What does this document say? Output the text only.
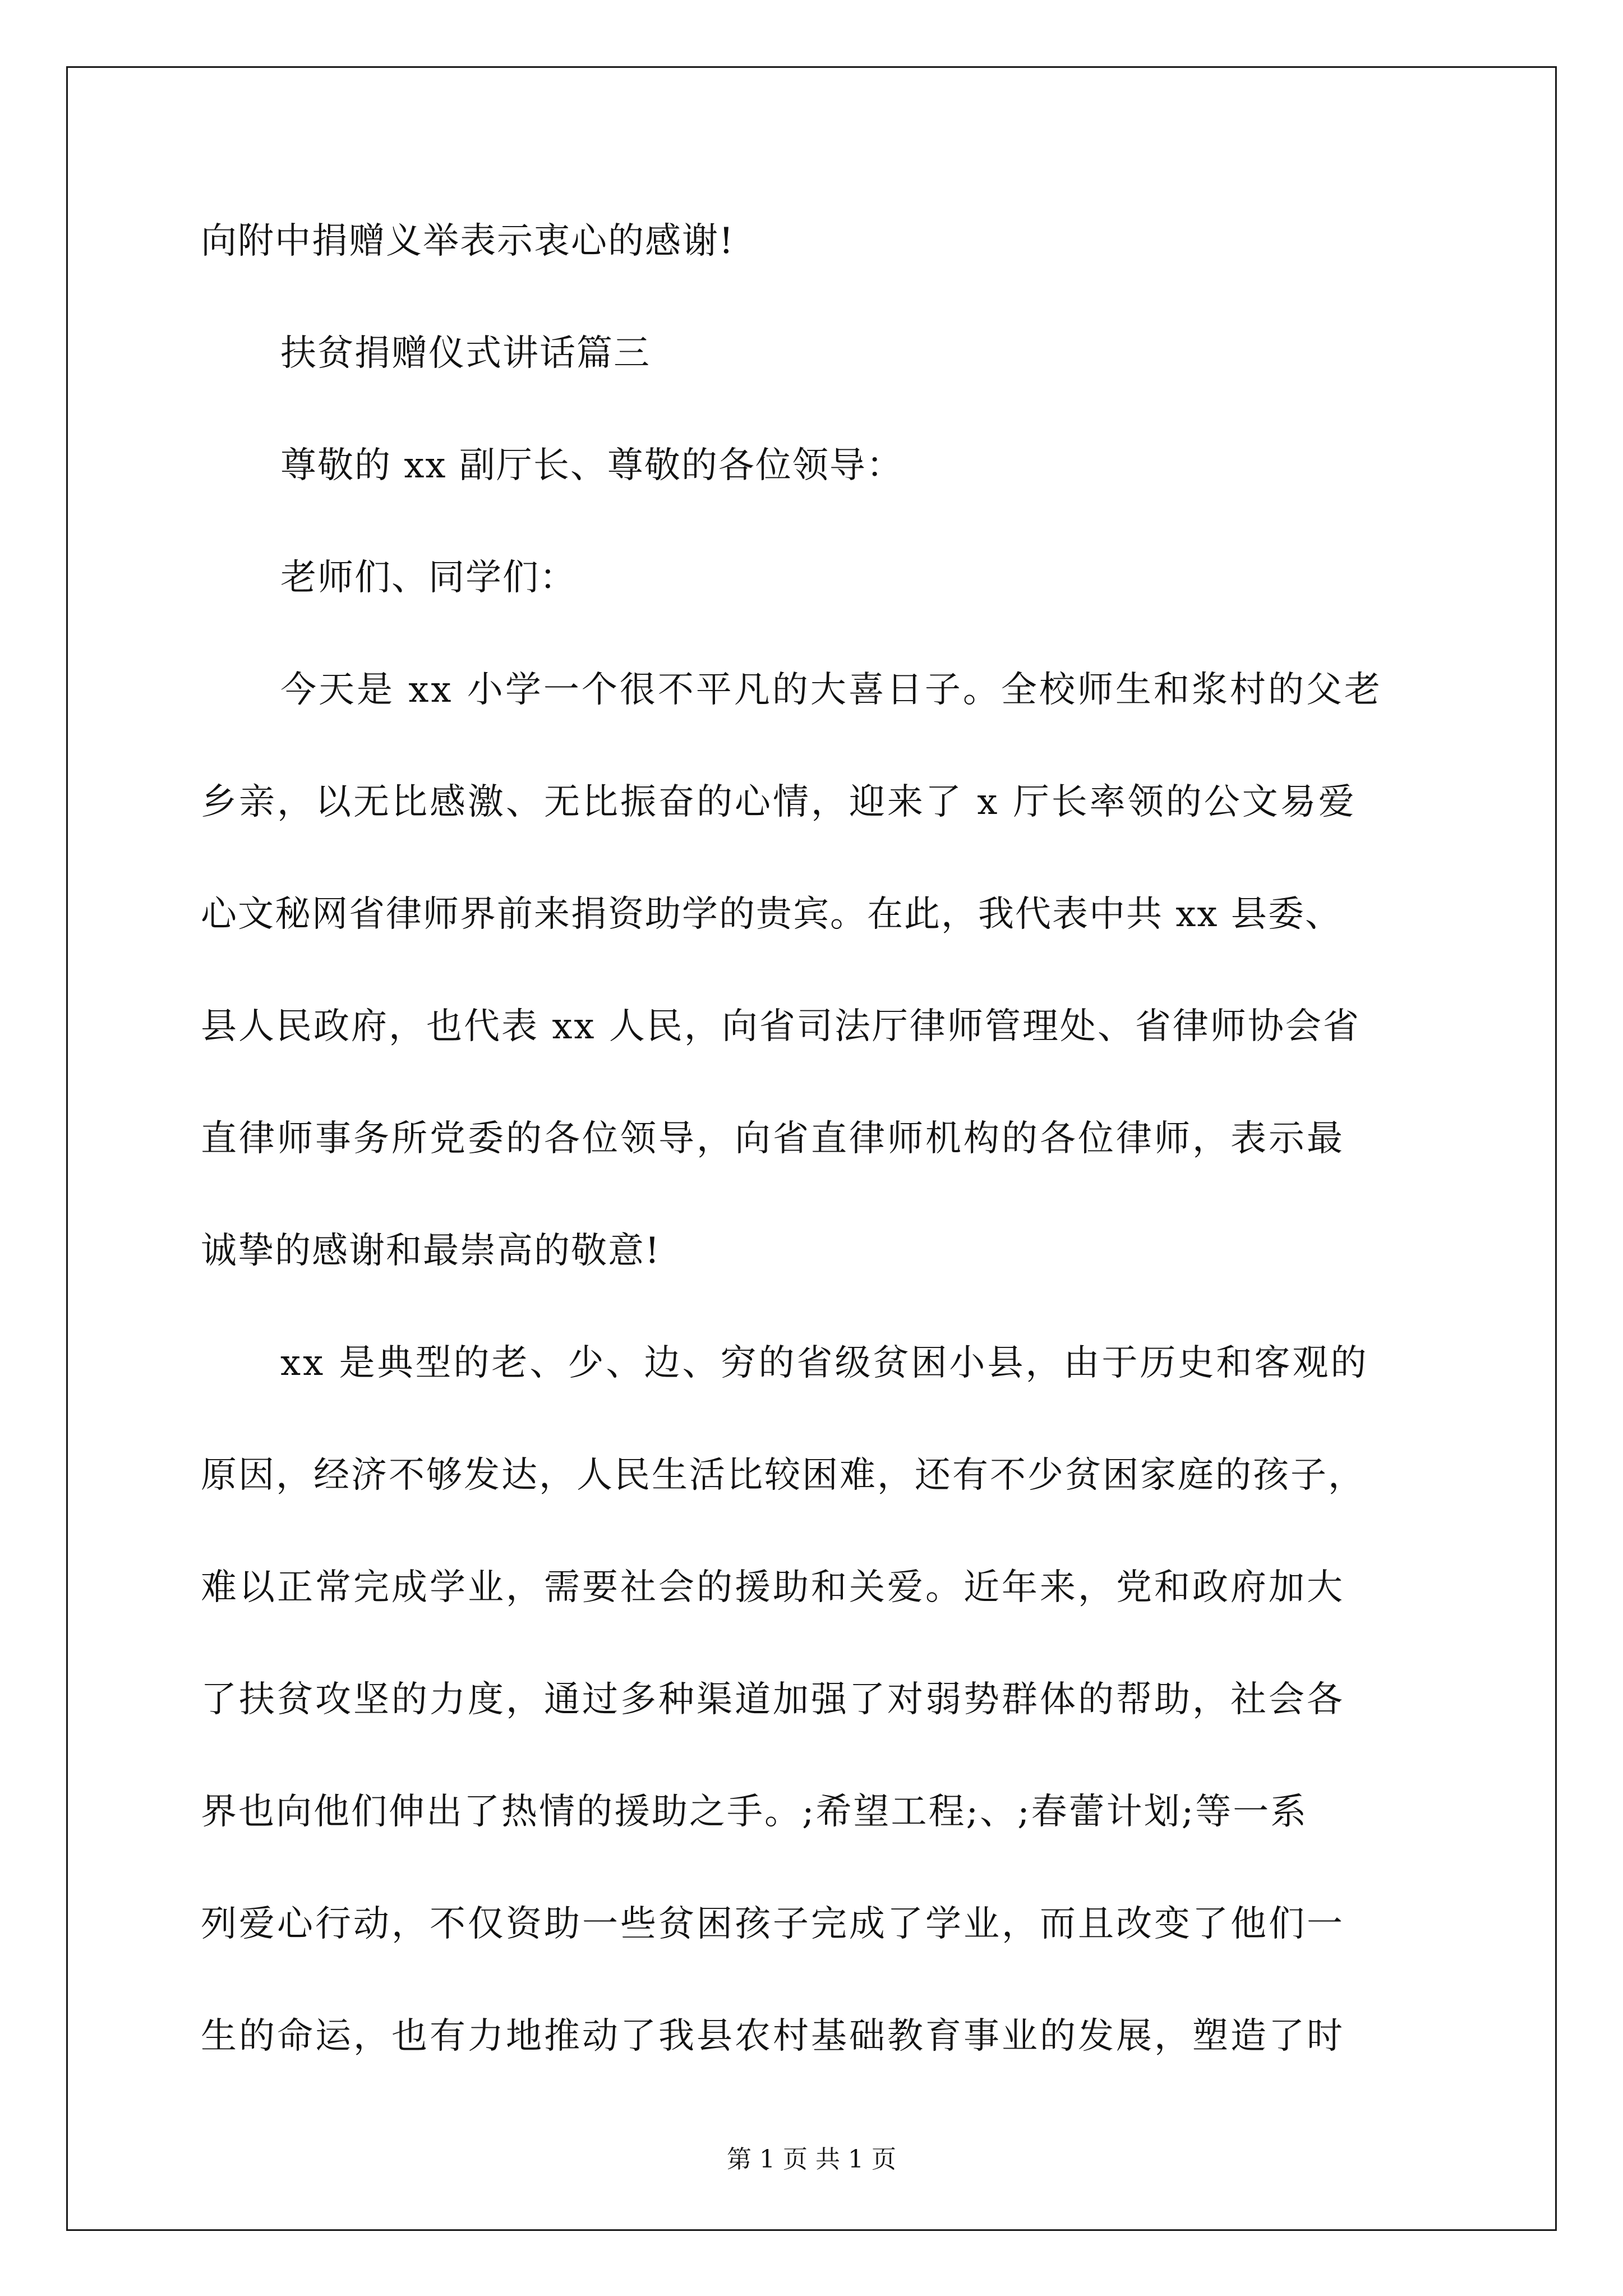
向附中捐赠义举表示衷心的感谢!

扶贫捐赠仪式讲话篇三

尊敬的 xx 副厅长、尊敬的各位领导：

老师们、同学们：

今天是 xx 小学一个很不平凡的大喜日子。全校师生和浆村的父老

乡亲，以无比感激、无比振奋的心情，迎来了 x 厅长率领的公文易爱

心文秘网省律师界前来捐资助学的贵宾。在此，我代表中共 xx 县委、

县人民政府，也代表 xx 人民，向省司法厅律师管理处、省律师协会省

直律师事务所党委的各位领导，向省直律师机构的各位律师，表示最

诚挚的感谢和最崇高的敬意!

xx 是典型的老、少、边、穷的省级贫困小县，由于历史和客观的

原因，经济不够发达，人民生活比较困难，还有不少贫困家庭的孩子，

难以正常完成学业，需要社会的援助和关爱。近年来，党和政府加大

了扶贫攻坚的力度，通过多种渠道加强了对弱势群体的帮助，社会各

界也向他们伸出了热情的援助之手。;希望工程;、;春蕾计划;等一系

列爱心行动，不仅资助一些贫困孩子完成了学业，而且改变了他们一

生的命运，也有力地推动了我县农村基础教育事业的发展，塑造了时

第 1 页 共 1 页
